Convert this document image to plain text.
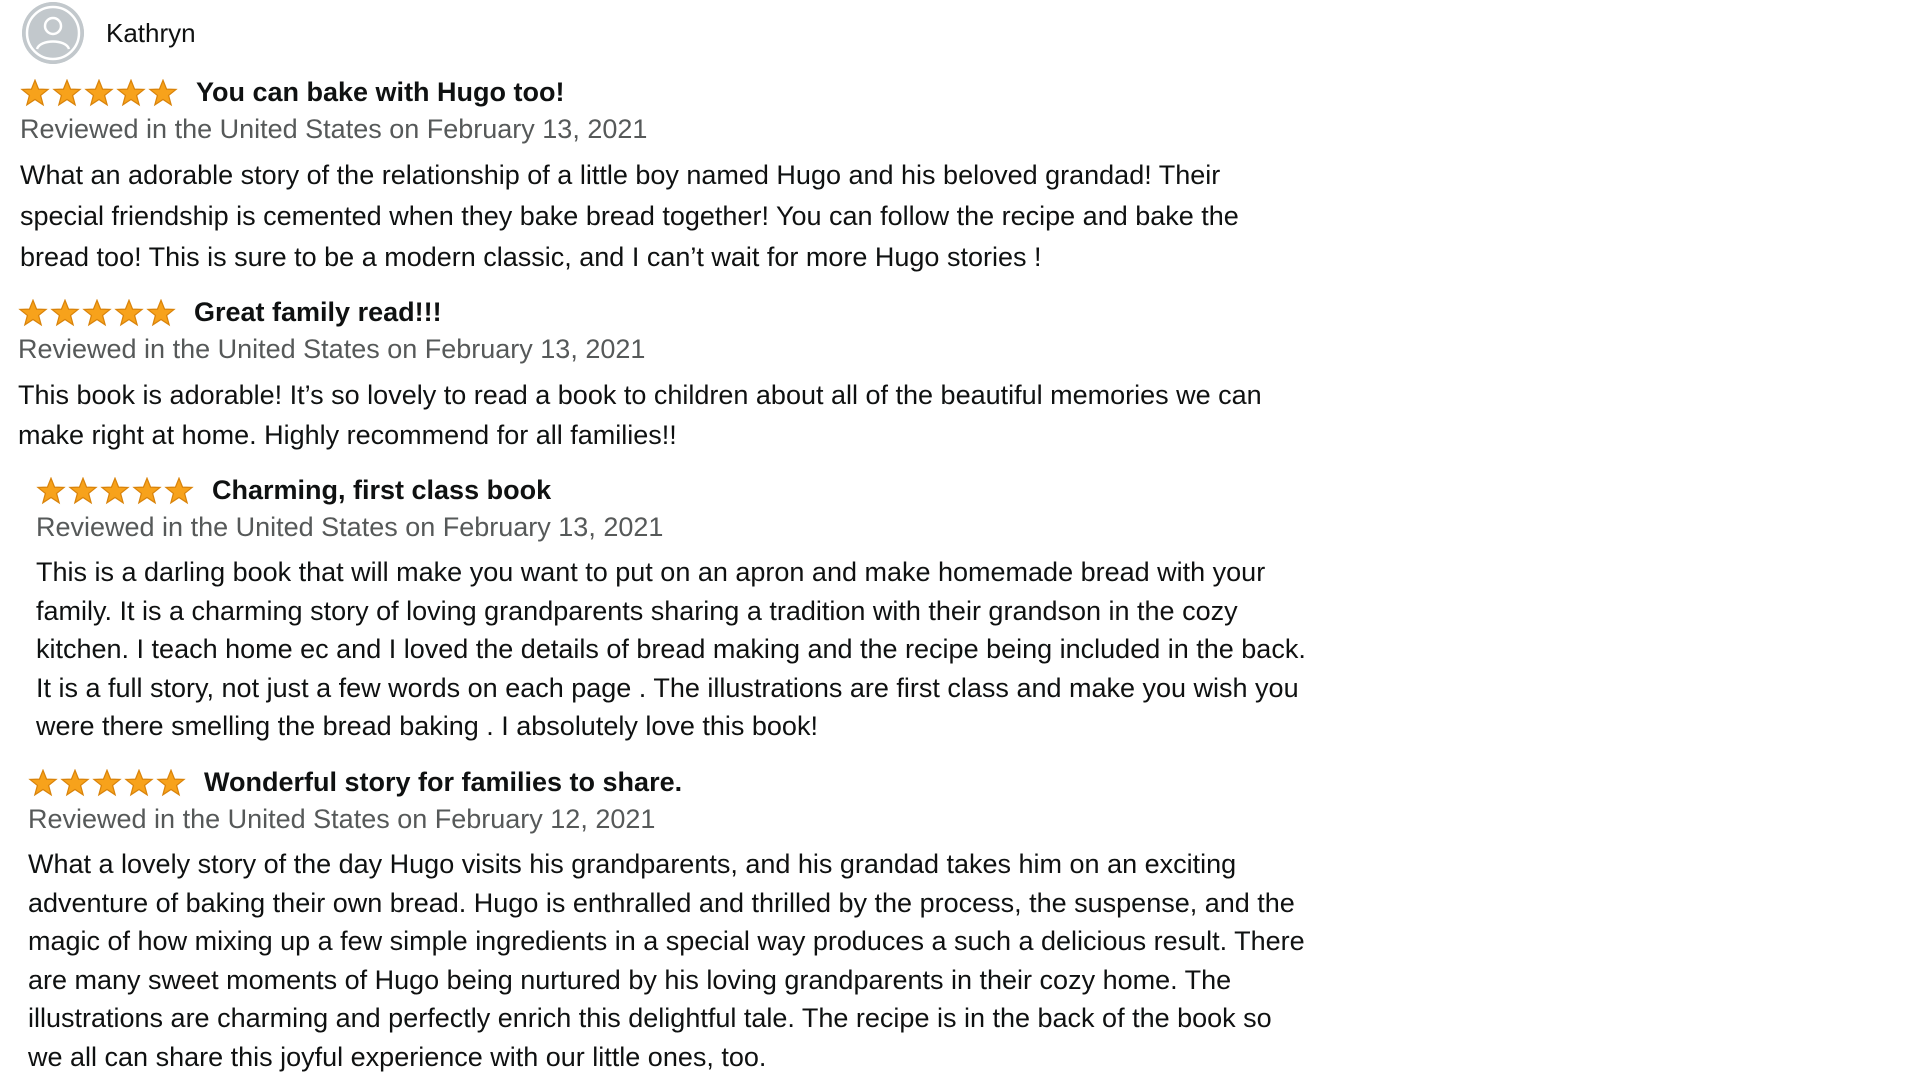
Kathryn
You can bake with Hugo too!
Reviewed in the United States on February 13, 2021
What an adorable story of the relationship of a little boy named Hugo and his beloved grandad! Their
special friendship is cemented when they bake bread together! You can follow the recipe and bake the
bread too! This is sure to be a modern classic, and I can’t wait for more Hugo stories !
Great family read!!!
Reviewed in the United States on February 13, 2021
This book is adorable! It’s so lovely to read a book to children about all of the beautiful memories we can
make right at home. Highly recommend for all families!!
Charming, first class book
Reviewed in the United States on February 13, 2021
This is a darling book that will make you want to put on an apron and make homemade bread with your
family. It is a charming story of loving grandparents sharing a tradition with their grandson in the cozy
kitchen. I teach home ec and I loved the details of bread making and the recipe being included in the back.
It is a full story, not just a few words on each page . The illustrations are first class and make you wish you
were there smelling the bread baking . I absolutely love this book!
Wonderful story for families to share.
Reviewed in the United States on February 12, 2021
What a lovely story of the day Hugo visits his grandparents, and his grandad takes him on an exciting
adventure of baking their own bread. Hugo is enthralled and thrilled by the process, the suspense, and the
magic of how mixing up a few simple ingredients in a special way produces a such a delicious result. There
are many sweet moments of Hugo being nurtured by his loving grandparents in their cozy home. The
illustrations are charming and perfectly enrich this delightful tale. The recipe is in the back of the book so
we all can share this joyful experience with our little ones, too.
